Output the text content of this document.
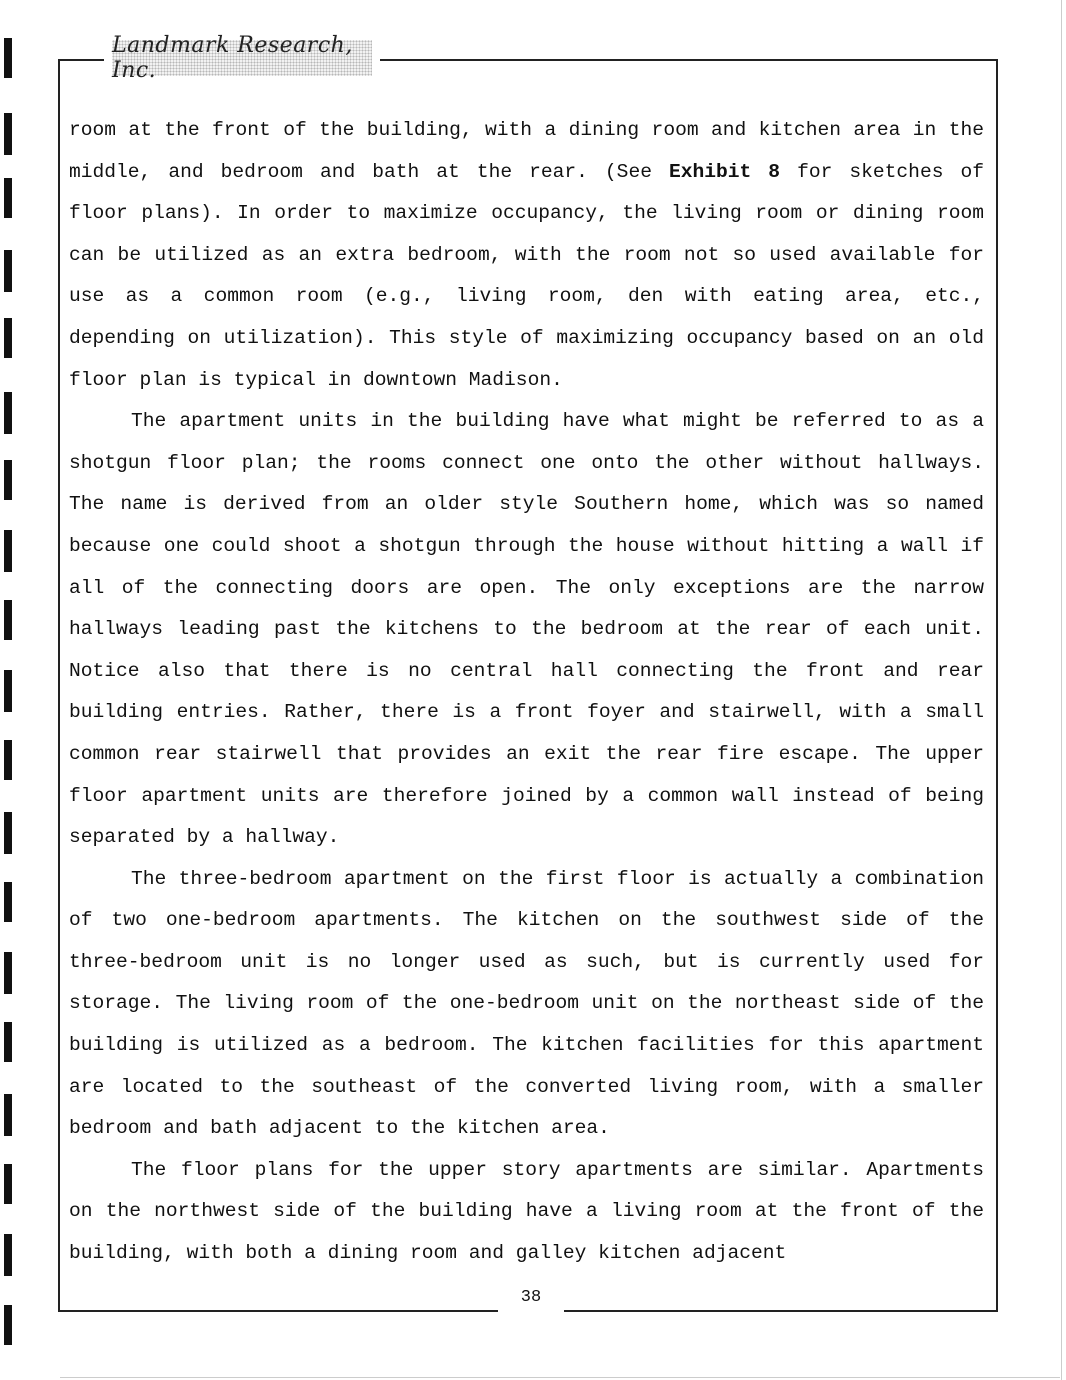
Landmark Research, Inc.

room at the front of the building, with a dining room and kitchen area in the middle, and bedroom and bath at the rear. (See Exhibit 8 for sketches of floor plans). In order to maximize occupancy, the living room or dining room can be utilized as an extra bedroom, with the room not so used available for use as a common room (e.g., living room, den with eating area, etc., depending on utilization). This style of maximizing occupancy based on an old floor plan is typical in downtown Madison.

The apartment units in the building have what might be referred to as a shotgun floor plan; the rooms connect one onto the other without hallways. The name is derived from an older style Southern home, which was so named because one could shoot a shotgun through the house without hitting a wall if all of the connecting doors are open. The only exceptions are the narrow hallways leading past the kitchens to the bedroom at the rear of each unit. Notice also that there is no central hall connecting the front and rear building entries. Rather, there is a front foyer and stairwell, with a small common rear stairwell that provides an exit the rear fire escape. The upper floor apartment units are therefore joined by a common wall instead of being separated by a hallway.

The three-bedroom apartment on the first floor is actually a combination of two one-bedroom apartments. The kitchen on the southwest side of the three-bedroom unit is no longer used as such, but is currently used for storage. The living room of the one-bedroom unit on the northeast side of the building is utilized as a bedroom. The kitchen facilities for this apartment are located to the southeast of the converted living room, with a smaller bedroom and bath adjacent to the kitchen area.

The floor plans for the upper story apartments are similar. Apartments on the northwest side of the building have a living room at the front of the building, with both a dining room and galley kitchen adjacent

38
